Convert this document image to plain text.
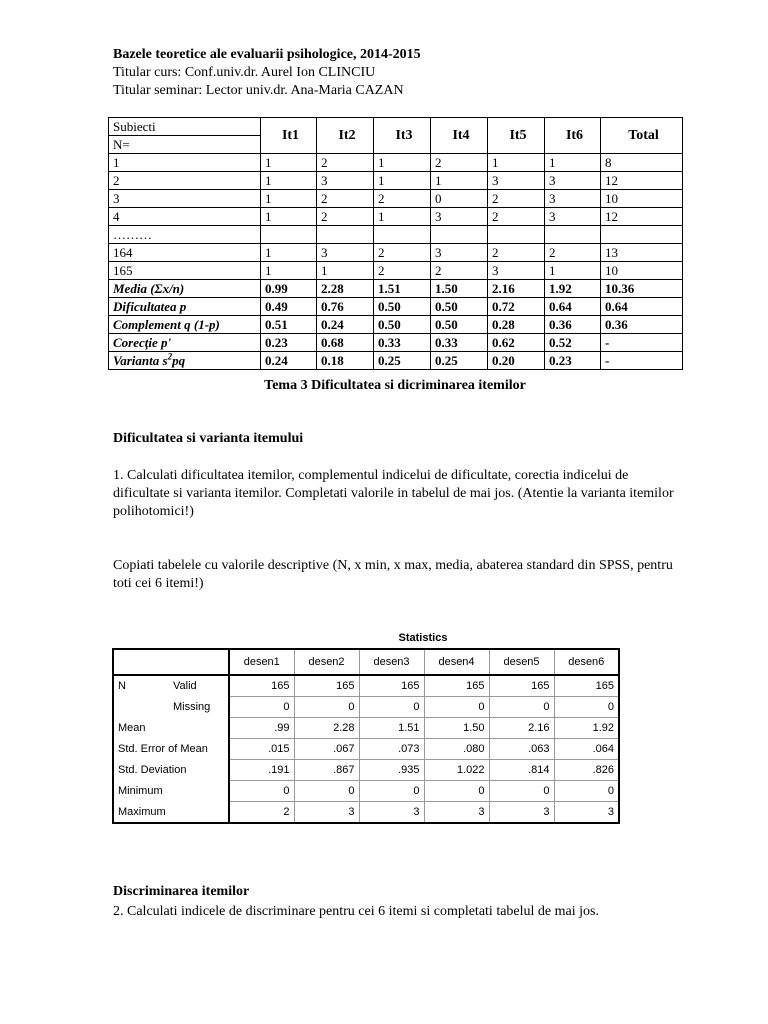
Bazele teoretice ale evaluarii psihologice, 2014-2015
Titular curs: Conf.univ.dr. Aurel Ion CLINCIU
Titular seminar: Lector univ.dr. Ana-Maria CAZAN
Subiecti	It1	It2	It3	It4	It5	It6	Total
N=							
1	1	2	1	2	1	1	8
2	1	3	1	1	3	3	12
3	1	2	2	0	2	3	10
4	1	2	1	3	2	3	12
………							
164	1	3	2	3	2	2	13
165	1	1	2	2	3	1	10
Media (Σx/n)	0.99	2.28	1.51	1.50	2.16	1.92	10.36
Dificultatea p	0.49	0.76	0.50	0.50	0.72	0.64	0.64
Complement q (1-p)	0.51	0.24	0.50	0.50	0.28	0.36	0.36
Corecţie p'	0.23	0.68	0.33	0.33	0.62	0.52	-
Varianta $s^2pq$	0.24	0.18	0.25	0.25	0.20	0.23	-
Tema 3 Dificultatea si dicriminarea itemilor
Dificultatea si varianta itemului
1. Calculati dificultatea itemilor, complementul indicelui de dificultate, corectia indicelui de dificultate si varianta itemilor. Completati valorile in tabelul de mai jos. (Atentie la varianta itemilor polihotomici!)
Copiati tabelele cu valorile descriptive (N, x min, x max, media, abaterea standard din SPSS, pentru toti cei 6 itemi!)
Statistics
		desen1	desen2	desen3	desen4	desen5	desen6
N	Valid	165	165	165	165	165	165
	Missing	0	0	0	0	0	0
Mean		.99	2.28	1.51	1.50	2.16	1.92
Std. Error of Mean		.015	.067	.073	.080	.063	.064
Std. Deviation		.191	.867	.935	1.022	.814	.826
Minimum		0	0	0	0	0	0
Maximum		2	3	3	3	3	3
Discriminarea itemilor
2. Calculati indicele de discriminare pentru cei 6 itemi si completati tabelul de mai jos.
